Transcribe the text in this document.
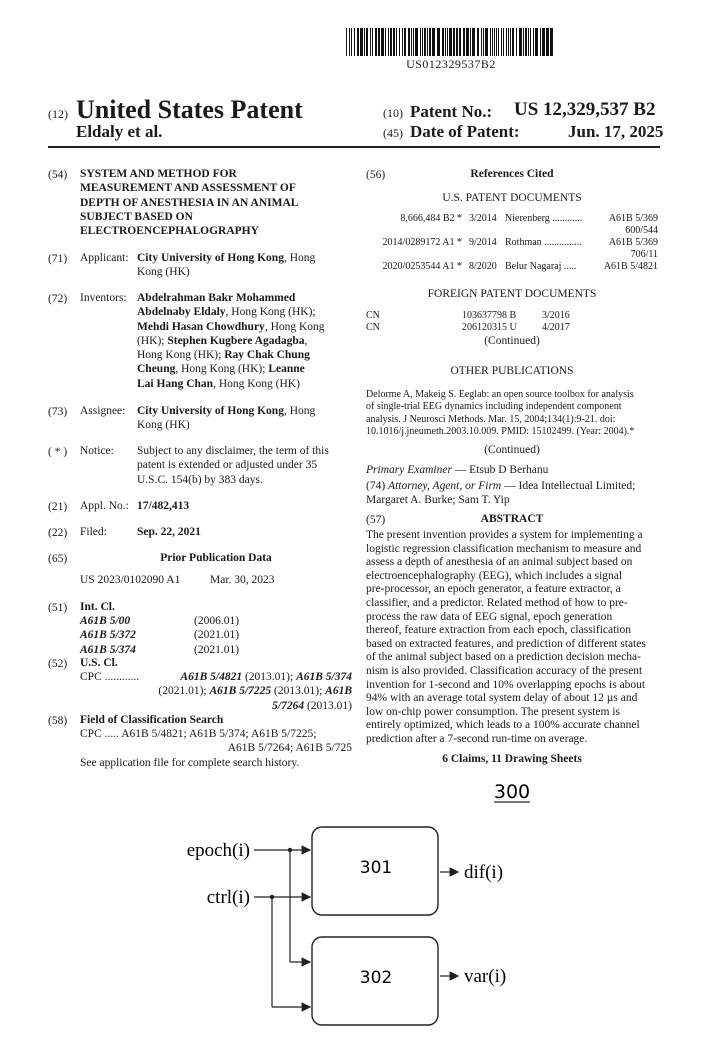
US012329537B2
(12) United States Patent
Eldaly et al.
(10) Patent No.: US 12,329,537 B2
(45) Date of Patent:	Jun. 17, 2025
(54) SYSTEM AND METHOD FOR
MEASUREMENT AND ASSESSMENT OF
DEPTH OF ANESTHESIA IN AN ANIMAL
SUBJECT BASED ON
ELECTROENCEPHALOGRAPHY
(71) Applicant: City University of Hong Kong, Hong
Kong (HK)
(72) Inventors: Abdelrahman Bakr Mohammed
Abdelnaby Eldaly, Hong Kong (HK);
Mehdi Hasan Chowdhury, Hong Kong
(HK); Stephen Kugbere Agadagba,
Hong Kong (HK); Ray Chak Chung
Cheung, Hong Kong (HK); Leanne
Lai Hang Chan, Hong Kong (HK)
(73) Assignee: City University of Hong Kong, Hong
Kong (HK)
( * ) Notice: Subject to any disclaimer, the term of this
patent is extended or adjusted under 35
U.S.C. 154(b) by 383 days.
(21) Appl. No.: 17/482,413
(22) Filed:	Sep. 22, 2021
(65)	Prior Publication Data
US 2023/0102090 A1	Mar. 30, 2023
(51) Int. Cl.
A61B 5/00	(2006.01)
A61B 5/372	(2021.01)
A61B 5/374	(2021.01)
(52) U.S. Cl.
CPC ............	A61B 5/4821 (2013.01); A61B 5/374
(2021.01); A61B 5/7225 (2013.01); A61B
5/7264 (2013.01)
(58) Field of Classification Search
CPC ..... A61B 5/4821; A61B 5/374; A61B 5/7225;
A61B 5/7264; A61B 5/725
See application file for complete search history.
(56)	References Cited
U.S. PATENT DOCUMENTS
8,666,484 B2 * 3/2014 Nierenberg ............	A61B 5/369
600/544
2014/0289172 A1 * 9/2014 Rothman ...............	A61B 5/369
706/11
2020/0253544 A1 * 8/2020 Belur Nagaraj .....	A61B 5/4821
FOREIGN PATENT DOCUMENTS
CN	103637798 B	3/2016
CN	206120315 U	4/2017
(Continued)
OTHER PUBLICATIONS
Delorme A, Makeig S. Eeglab: an open source toolbox for analysis
of single-trial EEG dynamics including independent component
analysis. J Neurosci Methods. Mar. 15, 2004;134(1):9-21. doi:
10.1016/j.jneumeth.2003.10.009. PMID: 15102499. (Year: 2004).*
(Continued)
Primary Examiner — Etsub D Berhanu
(74) Attorney, Agent, or Firm — Idea Intellectual Limited;
Margaret A. Burke; Sam T. Yip
(57)	ABSTRACT
The present invention provides a system for implementing a
logistic regression classification mechanism to measure and
assess a depth of anesthesia of an animal subject based on
electroencephalography (EEG), which includes a signal
pre-processor, an epoch generator, a feature extractor, a
classifier, and a predictor. Related method of how to pre-
process the raw data of EEG signal, epoch generation
thereof, feature extraction from each epoch, classification
based on extracted features, and prediction of different states
of the animal subject based on a prediction decision mecha-
nism is also provided. Classification accuracy of the present
invention for 1-second and 10% overlapping epochs is about
94% with an average total system delay of about 12 µs and
low on-chip power consumption. The present system is
entirely optimized, which leads to a 100% accurate channel
prediction after a 7-second run-time on average.
6 Claims, 11 Drawing Sheets
300
301
302
epoch(i)
ctrl(i)
dif(i)
var(i)
